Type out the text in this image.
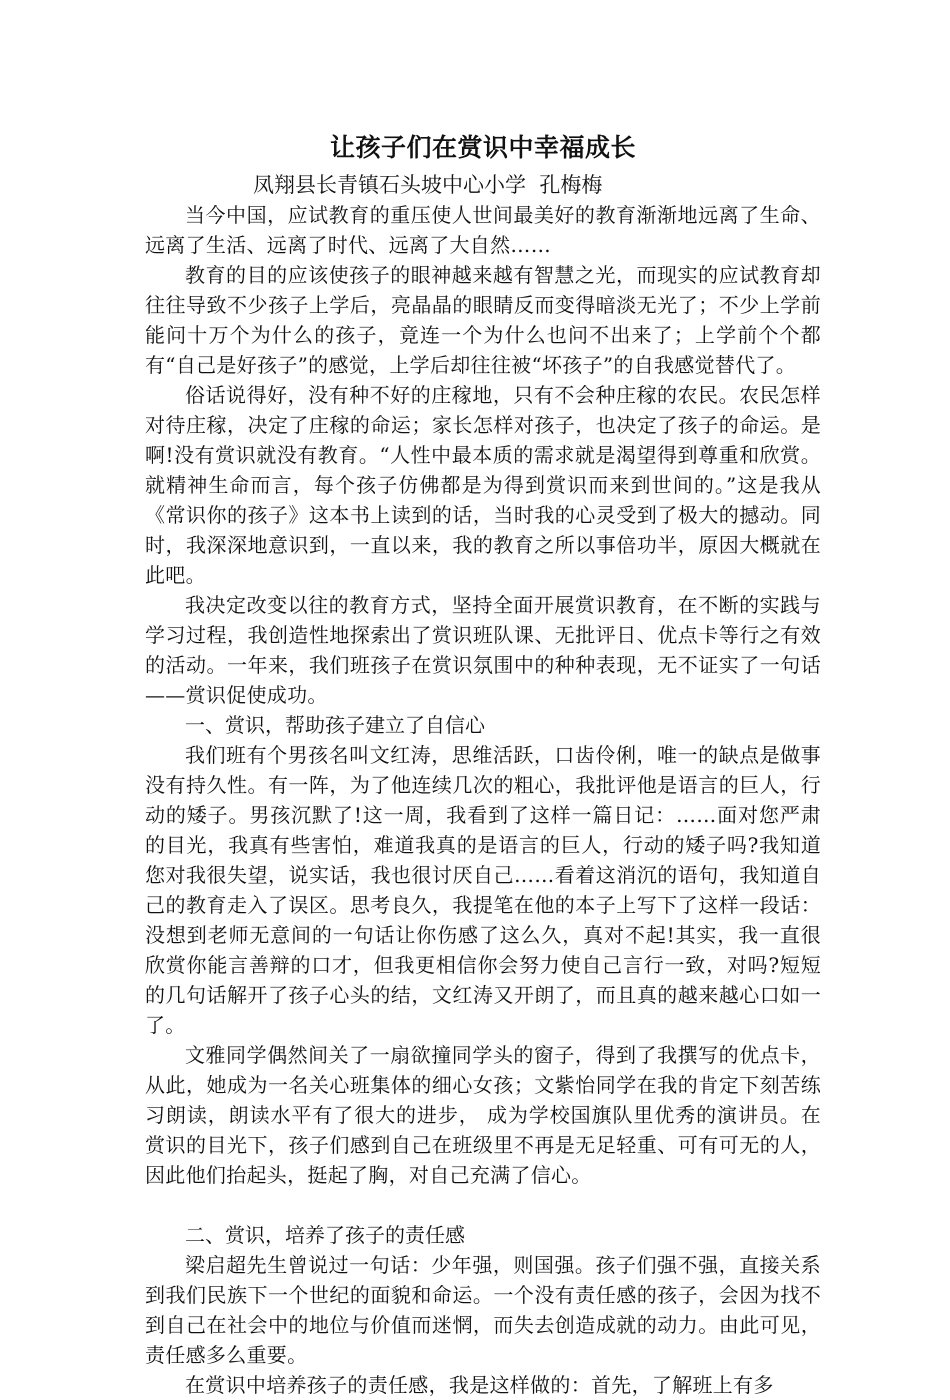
让孩子们在赏识中幸福成长

凤翔县长青镇石头坡中心小学  孔梅梅

当今中国，应试教育的重压使人世间最美好的教育渐渐地远离了生命、远离了生活、远离了时代、远离了大自然……

教育的目的应该使孩子的眼神越来越有智慧之光，而现实的应试教育却往往导致不少孩子上学后，亮晶晶的眼睛反而变得暗淡无光了；不少上学前能问十万个为什么的孩子，竟连一个为什么也问不出来了；上学前个个都有“自己是好孩子”的感觉，上学后却往往被“坏孩子”的自我感觉替代了。

俗话说得好，没有种不好的庄稼地，只有不会种庄稼的农民。农民怎样对待庄稼，决定了庄稼的命运；家长怎样对孩子，也决定了孩子的命运。是啊!没有赏识就没有教育。“人性中最本质的需求就是渴望得到尊重和欣赏。就精神生命而言，每个孩子仿佛都是为得到赏识而来到世间的。”这是我从《常识你的孩子》这本书上读到的话，当时我的心灵受到了极大的撼动。同时，我深深地意识到，一直以来，我的教育之所以事倍功半，原因大概就在此吧。

我决定改变以往的教育方式，坚持全面开展赏识教育，在不断的实践与学习过程，我创造性地探索出了赏识班队课、无批评日、优点卡等行之有效的活动。一年来，我们班孩子在赏识氛围中的种种表现，无不证实了一句话——赏识促使成功。

一、赏识，帮助孩子建立了自信心

我们班有个男孩名叫文红涛，思维活跃，口齿伶俐，唯一的缺点是做事没有持久性。有一阵，为了他连续几次的粗心，我批评他是语言的巨人，行动的矮子。男孩沉默了!这一周，我看到了这样一篇日记：……面对您严肃的目光，我真有些害怕，难道我真的是语言的巨人，行动的矮子吗?我知道您对我很失望，说实话，我也很讨厌自己……看着这消沉的语句，我知道自己的教育走入了误区。思考良久，我提笔在他的本子上写下了这样一段话：没想到老师无意间的一句话让你伤感了这么久，真对不起!其实，我一直很欣赏你能言善辩的口才，但我更相信你会努力使自己言行一致，对吗?短短的几句话解开了孩子心头的结，文红涛又开朗了，而且真的越来越心口如一了。

文雅同学偶然间关了一扇欲撞同学头的窗子，得到了我撰写的优点卡，从此，她成为一名关心班集体的细心女孩；文紫怡同学在我的肯定下刻苦练习朗读，朗读水平有了很大的进步， 成为学校国旗队里优秀的演讲员。在赏识的目光下，孩子们感到自己在班级里不再是无足轻重、可有可无的人，因此他们抬起头，挺起了胸，对自己充满了信心。

二、赏识，培养了孩子的责任感

梁启超先生曾说过一句话：少年强，则国强。孩子们强不强，直接关系到我们民族下一个世纪的面貌和命运。一个没有责任感的孩子，会因为找不到自己在社会中的地位与价值而迷惘，而失去创造成就的动力。由此可见，责任感多么重要。

在赏识中培养孩子的责任感，我是这样做的：首先，了解班上有多
